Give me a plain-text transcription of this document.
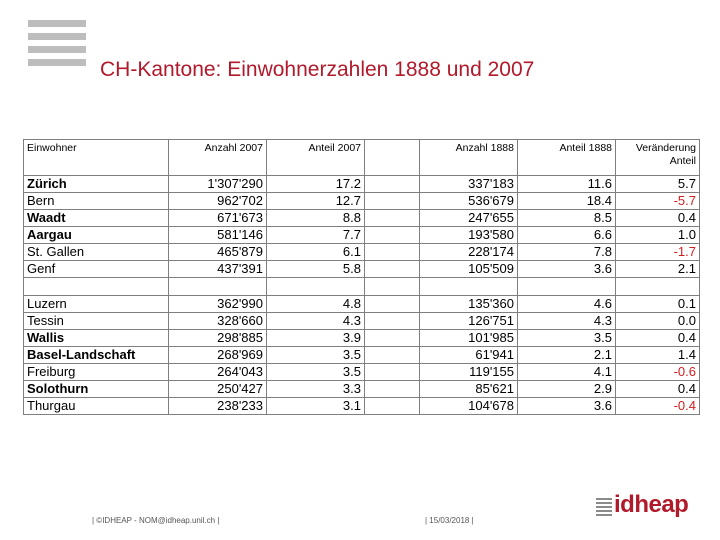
CH-Kantone: Einwohnerzahlen 1888 und 2007
Einwohner	Anzahl 2007	Anteil 2007		Anzahl 1888	Anteil 1888	Veränderung
Anteil

Zürich	1'307'290	17.2		337'183	11.6	5.7
Bern	962'702	12.7		536'679	18.4	-5.7
Waadt	671'673	8.8		247'655	8.5	0.4
Aargau	581'146	7.7		193'580	6.6	1.0
St. Gallen	465'879	6.1		228'174	7.8	-1.7
Genf	437'391	5.8		105'509	3.6	2.1

Luzern	362'990	4.8		135'360	4.6	0.1
Tessin	328'660	4.3		126'751	4.3	0.0
Wallis	298'885	3.9		101'985	3.5	0.4
Basel-Landschaft	268'969	3.5		61'941	2.1	1.4
Freiburg	264'043	3.5		119'155	4.1	-0.6
Solothurn	250'427	3.3		85'621	2.9	0.4
Thurgau	238'233	3.1		104'678	3.6	-0.4
| ©IDHEAP - NOM@idheap.unil.ch |	| 15/03/2018 |
idheap
